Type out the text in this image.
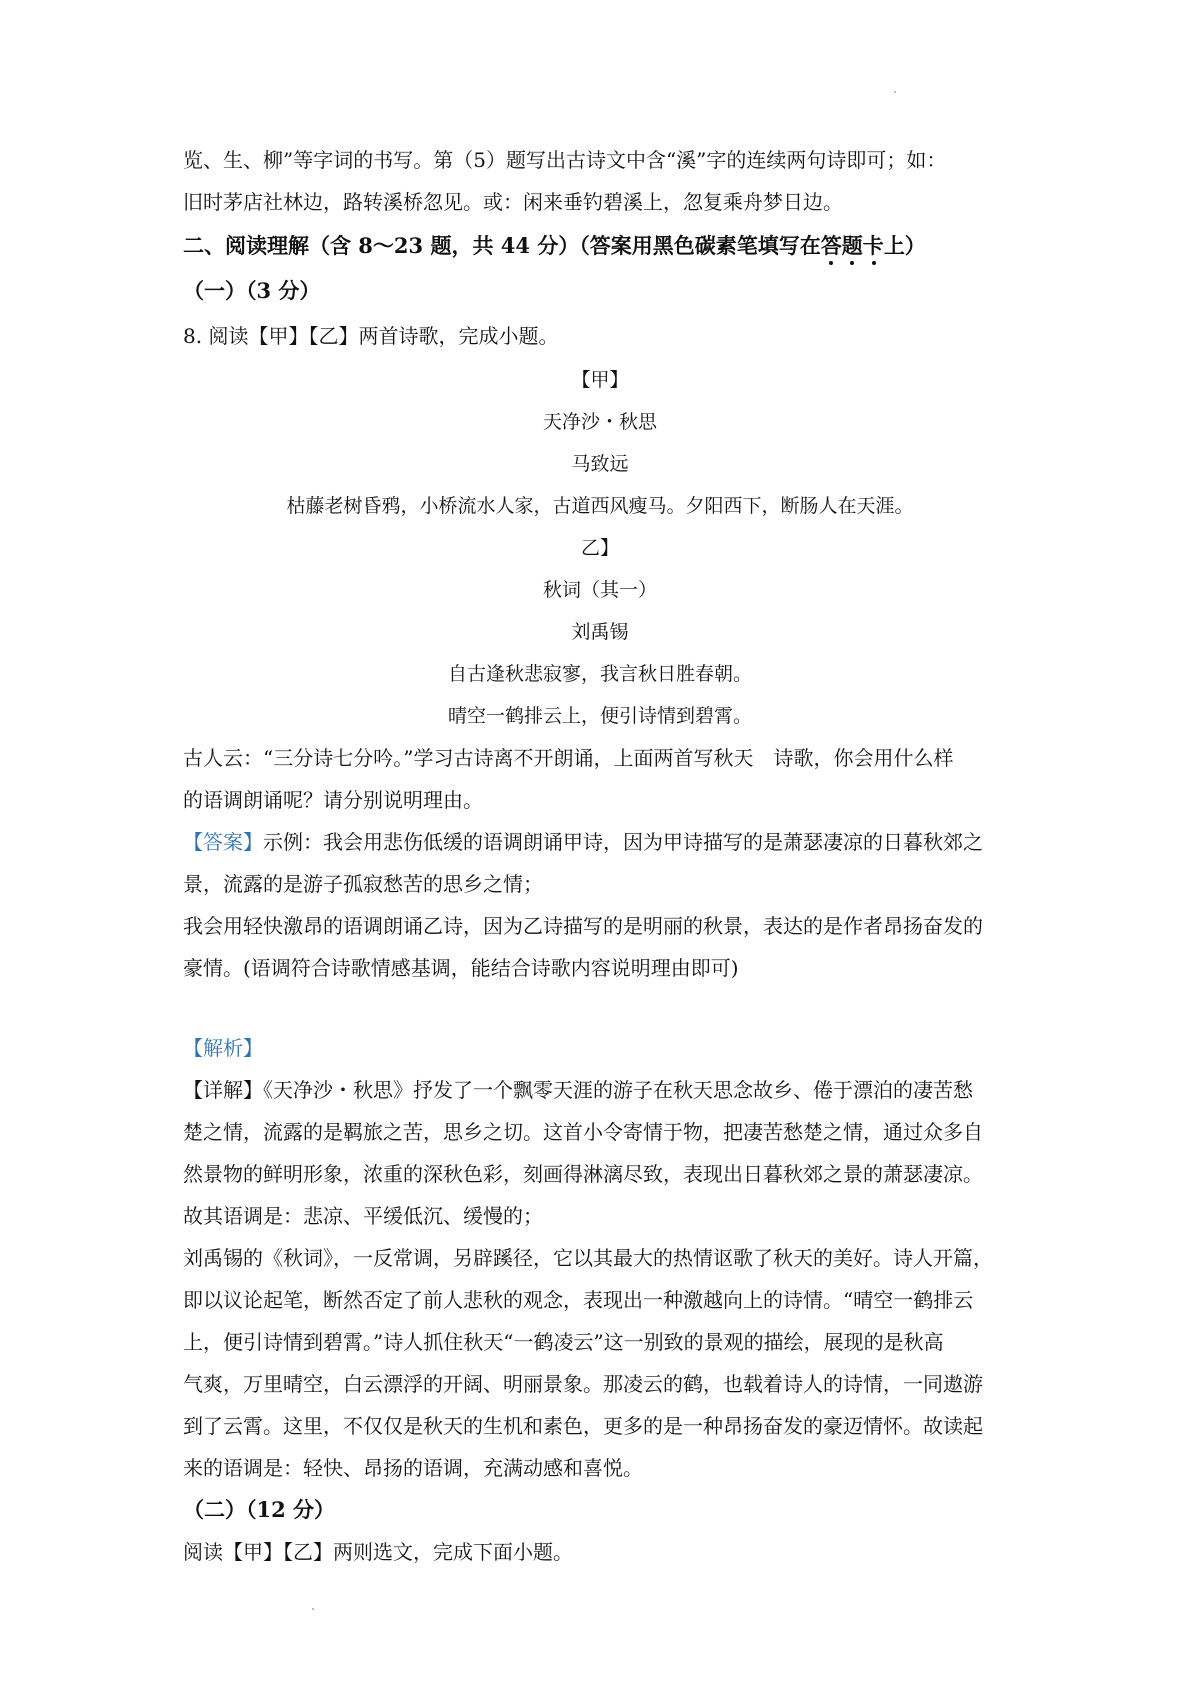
览、生、柳”等字词的书写。第（5）题写出古诗文中含“溪”字的连续两句诗即可；如：
旧时茅店社林边，路转溪桥忽见。或：闲来垂钓碧溪上，忽复乘舟梦日边。
二、阅读理解（含 8～23 题，共 44 分）（答案用黑色碳素笔填写在答题卡
上）
（一）（3 分）
8. 阅读【甲】【乙】两首诗歌，完成小题。
【甲】
天净沙・秋思
马致远
枯藤老树昏鸦，小桥流水人家，古道西风瘦马。夕阳西下，断肠人在天涯。
乙】
秋词（其一）
刘禹锡
自古逢秋悲寂寥，我言秋日胜春朝。
晴空一鹤排云上，便引诗情到碧霄。
古人云：“三分诗七分吟。”学习古诗离不开朗诵，上面两首写秋天　诗歌，你会用什么样
的语调朗诵呢？请分别说明理由。
【答案】示例：我会用悲伤低缓的语调朗诵甲诗，因为甲诗描写的是萧瑟凄凉的日暮秋郊之
景，流露的是游子孤寂愁苦的思乡之情；
我会用轻快激昂的语调朗诵乙诗，因为乙诗描写的是明丽的秋景，表达的是作者昂扬奋发的
豪情。(语调符合诗歌情感基调，能结合诗歌内容说明理由即可)
【解析】
【详解】《天净沙・秋思》抒发了一个飘零天涯的游子在秋天思念故乡、倦于漂泊的凄苦愁
楚之情，流露的是羁旅之苦，思乡之切。这首小令寄情于物，把凄苦愁楚之情，通过众多自
然景物的鲜明形象，浓重的深秋色彩，刻画得淋漓尽致，表现出日暮秋郊之景的萧瑟凄凉。
故其语调是：悲凉、平缓低沉、缓慢的；
刘禹锡的《秋词》，一反常调，另辟蹊径，它以其最大的热情讴歌了秋天的美好。诗人开篇，
即以议论起笔，断然否定了前人悲秋的观念，表现出一种激越向上的诗情。“晴空一鹤排云
上，便引诗情到碧霄。”诗人抓住秋天“一鹤凌云”这一别致的景观的描绘，展现的是秋高
气爽，万里晴空，白云漂浮的开阔、明丽景象。那凌云的鹤，也载着诗人的诗情，一同遨游
到了云霄。这里，不仅仅是秋天的生机和素色，更多的是一种昂扬奋发的豪迈情怀。故读起
来的语调是：轻快、昂扬的语调，充满动感和喜悦。
（二）（12 分）
阅读【甲】【乙】两则选文，完成下面小题。
